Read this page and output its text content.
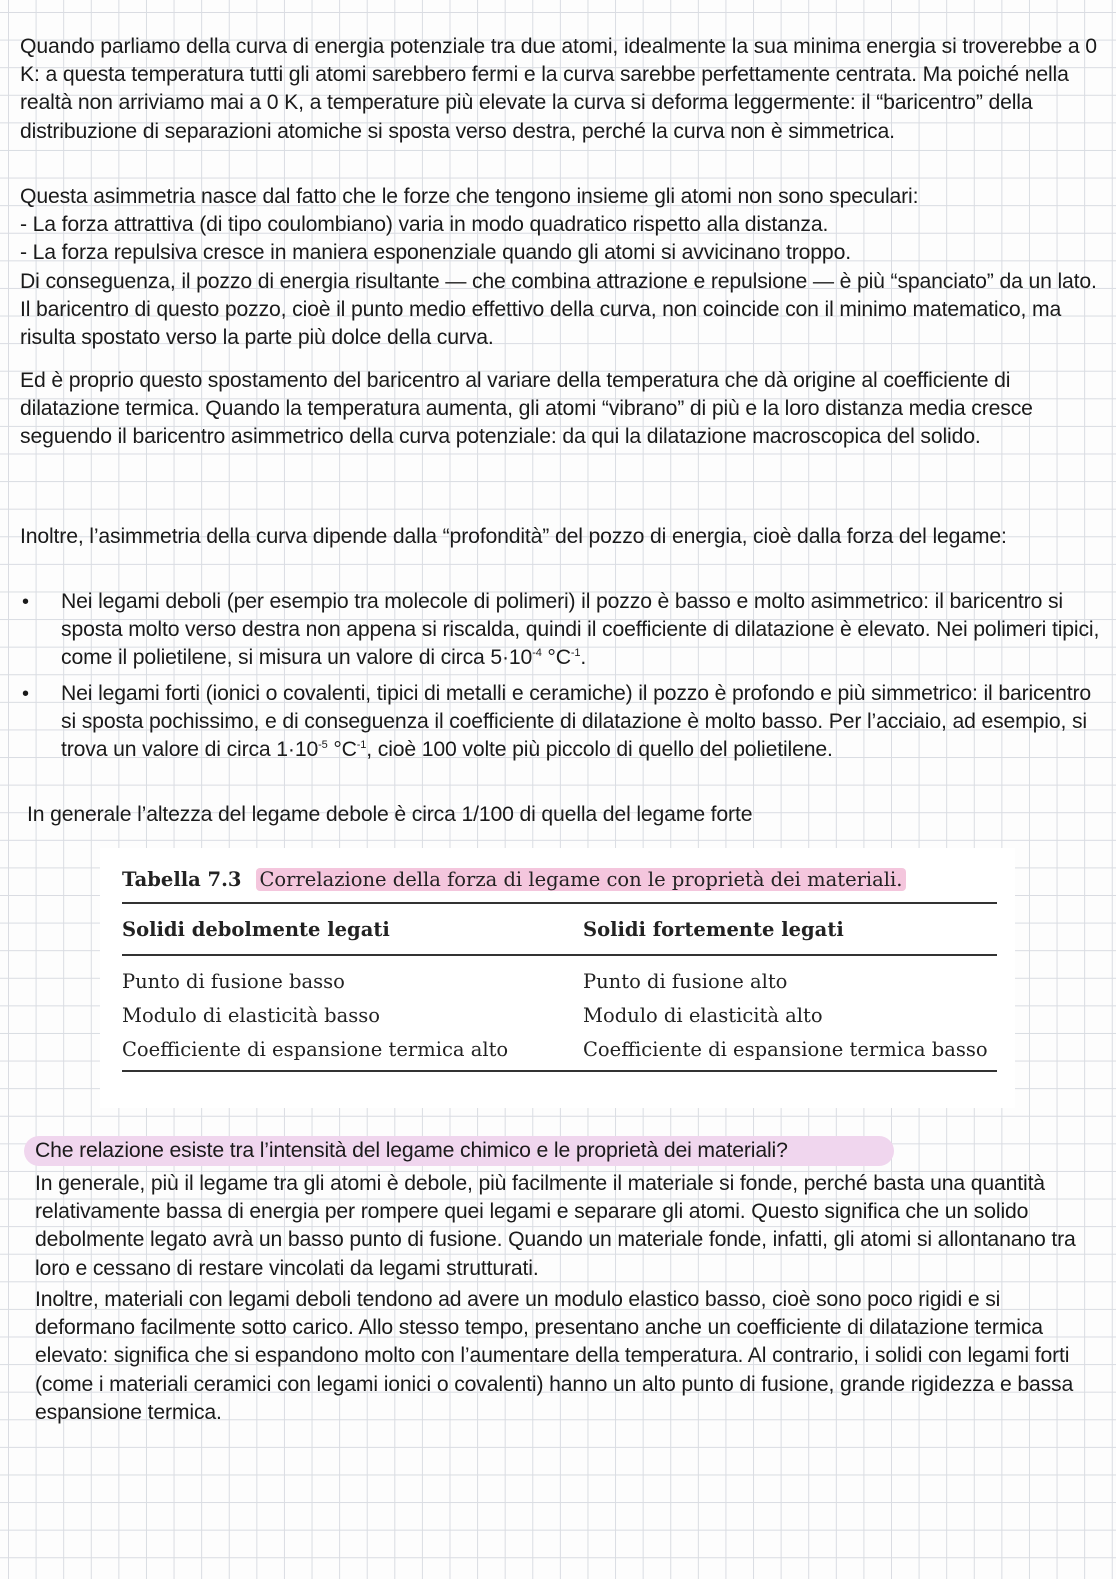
Quando parliamo della curva di energia potenziale tra due atomi, idealmente la sua minima energia si troverebbe a 0 K: a questa temperatura tutti gli atomi sarebbero fermi e la curva sarebbe perfettamente centrata. Ma poiché nella realtà non arriviamo mai a 0 K, a temperature più elevate la curva si deforma leggermente: il “baricentro” della distribuzione di separazioni atomiche si sposta verso destra, perché la curva non è simmetrica.

Questa asimmetria nasce dal fatto che le forze che tengono insieme gli atomi non sono speculari:

- La forza attrattiva (di tipo coulombiano) varia in modo quadratico rispetto alla distanza.

- La forza repulsiva cresce in maniera esponenziale quando gli atomi si avvicinano troppo.

Di conseguenza, il pozzo di energia risultante — che combina attrazione e repulsione — è più “spanciato” da un lato. Il baricentro di questo pozzo, cioè il punto medio effettivo della curva, non coincide con il minimo matematico, ma risulta spostato verso la parte più dolce della curva.

Ed è proprio questo spostamento del baricentro al variare della temperatura che dà origine al coefficiente di dilatazione termica. Quando la temperatura aumenta, gli atomi “vibrano” di più e la loro distanza media cresce seguendo il baricentro asimmetrico della curva potenziale: da qui la dilatazione macroscopica del solido.

Inoltre, l’asimmetria della curva dipende dalla “profondità” del pozzo di energia, cioè dalla forza del legame:

• Nei legami deboli (per esempio tra molecole di polimeri) il pozzo è basso e molto asimmetrico: il baricentro si sposta molto verso destra non appena si riscalda, quindi il coefficiente di dilatazione è elevato. Nei polimeri tipici, come il polietilene, si misura un valore di circa $5\cdot 10^{-4}$ $^\circ C^{-1}$.
• Nei legami forti (ionici o covalenti, tipici di metalli e ceramiche) il pozzo è profondo e più simmetrico: il baricentro si sposta pochissimo, e di conseguenza il coefficiente di dilatazione è molto basso. Per l’acciaio, ad esempio, si trova un valore di circa $1\cdot 10^{-5}$ $^\circ C^{-1}$, cioè 100 volte più piccolo di quello del polietilene.

In generale l’altezza del legame debole è circa 1/100 di quella del legame forte

Tabella 7.3 Correlazione della forza di legame con le proprietà dei materiali.
Solidi debolmente legati	Solidi fortemente legati
Punto di fusione basso	Punto di fusione alto
Modulo di elasticità basso	Modulo di elasticità alto
Coefficiente di espansione termica alto	Coefficiente di espansione termica basso
Che relazione esiste tra l’intensità del legame chimico e le proprietà dei materiali?

In generale, più il legame tra gli atomi è debole, più facilmente il materiale si fonde, perché basta una quantità relativamente bassa di energia per rompere quei legami e separare gli atomi. Questo significa che un solido debolmente legato avrà un basso punto di fusione. Quando un materiale fonde, infatti, gli atomi si allontanano tra loro e cessano di restare vincolati da legami strutturati.

Inoltre, materiali con legami deboli tendono ad avere un modulo elastico basso, cioè sono poco rigidi e si deformano facilmente sotto carico. Allo stesso tempo, presentano anche un coefficiente di dilatazione termica elevato: significa che si espandono molto con l’aumentare della temperatura. Al contrario, i solidi con legami forti (come i materiali ceramici con legami ionici o covalenti) hanno un alto punto di fusione, grande rigidezza e bassa espansione termica.
